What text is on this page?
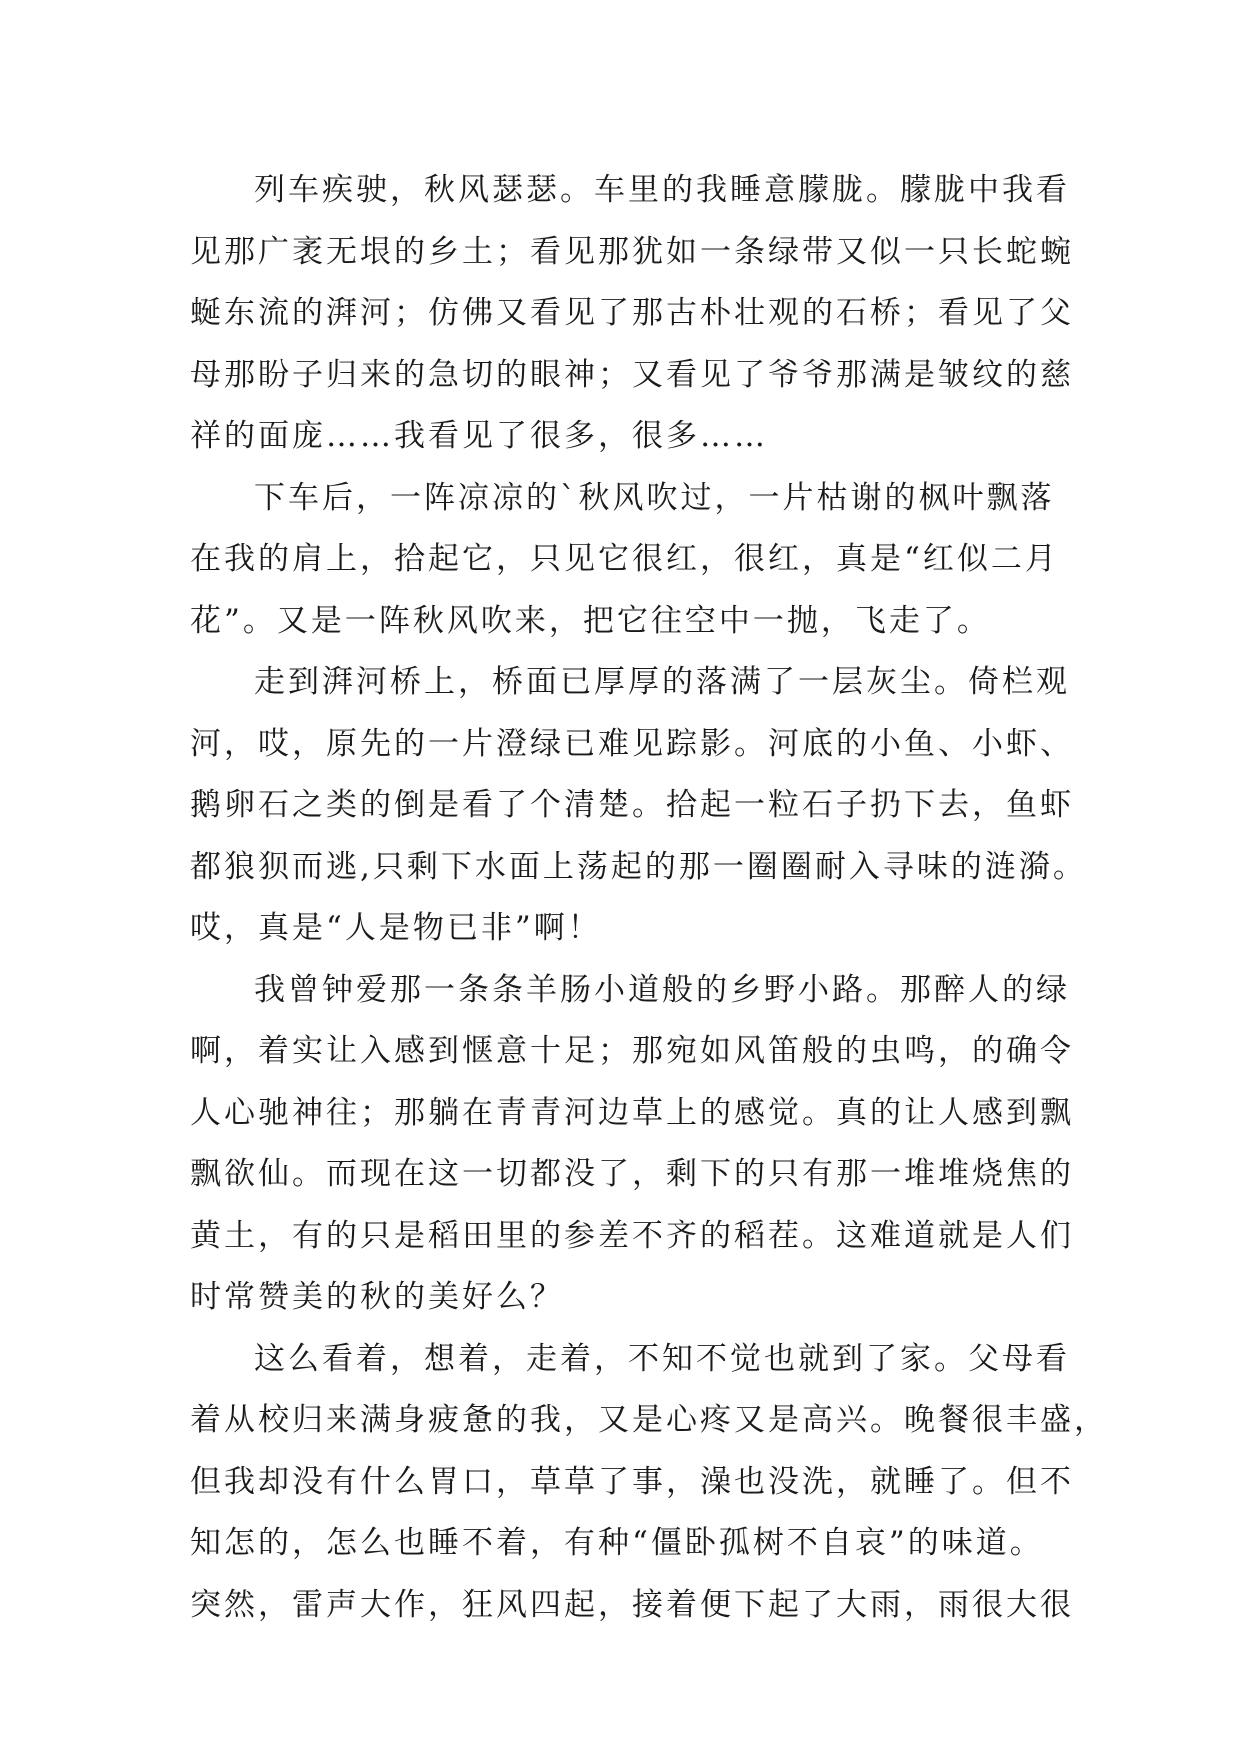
列车疾驶，秋风瑟瑟。车里的我睡意朦胧。朦胧中我看
见那广袤无垠的乡土；看见那犹如一条绿带又似一只长蛇蜿
蜒东流的湃河；仿佛又看见了那古朴壮观的石桥；看见了父
母那盼子归来的急切的眼神；又看见了爷爷那满是皱纹的慈
祥的面庞……我看见了很多，很多……
下车后，一阵凉凉的`秋风吹过，一片枯谢的枫叶飘落
在我的肩上，拾起它，只见它很红，很红，真是“红似二月
花”。又是一阵秋风吹来，把它往空中一抛，飞走了。
走到湃河桥上，桥面已厚厚的落满了一层灰尘。倚栏观
河，哎，原先的一片澄绿已难见踪影。河底的小鱼、小虾、
鹅卵石之类的倒是看了个清楚。拾起一粒石子扔下去，鱼虾
都狼狈而逃,只剩下水面上荡起的那一圈圈耐入寻味的涟漪。
哎，真是“人是物已非”啊！
我曾钟爱那一条条羊肠小道般的乡野小路。那醉人的绿
啊，着实让入感到惬意十足；那宛如风笛般的虫鸣，的确令
人心驰神往；那躺在青青河边草上的感觉。真的让人感到飘
飘欲仙。而现在这一切都没了，剩下的只有那一堆堆烧焦的
黄土，有的只是稻田里的参差不齐的稻茬。这难道就是人们
时常赞美的秋的美好么？
这么看着，想着，走着，不知不觉也就到了家。父母看
着从校归来满身疲惫的我，又是心疼又是高兴。晚餐很丰盛，
但我却没有什么胃口，草草了事，澡也没洗，就睡了。但不
知怎的，怎么也睡不着，有种“僵卧孤树不自哀”的味道。
突然，雷声大作，狂风四起，接着便下起了大雨，雨很大很
